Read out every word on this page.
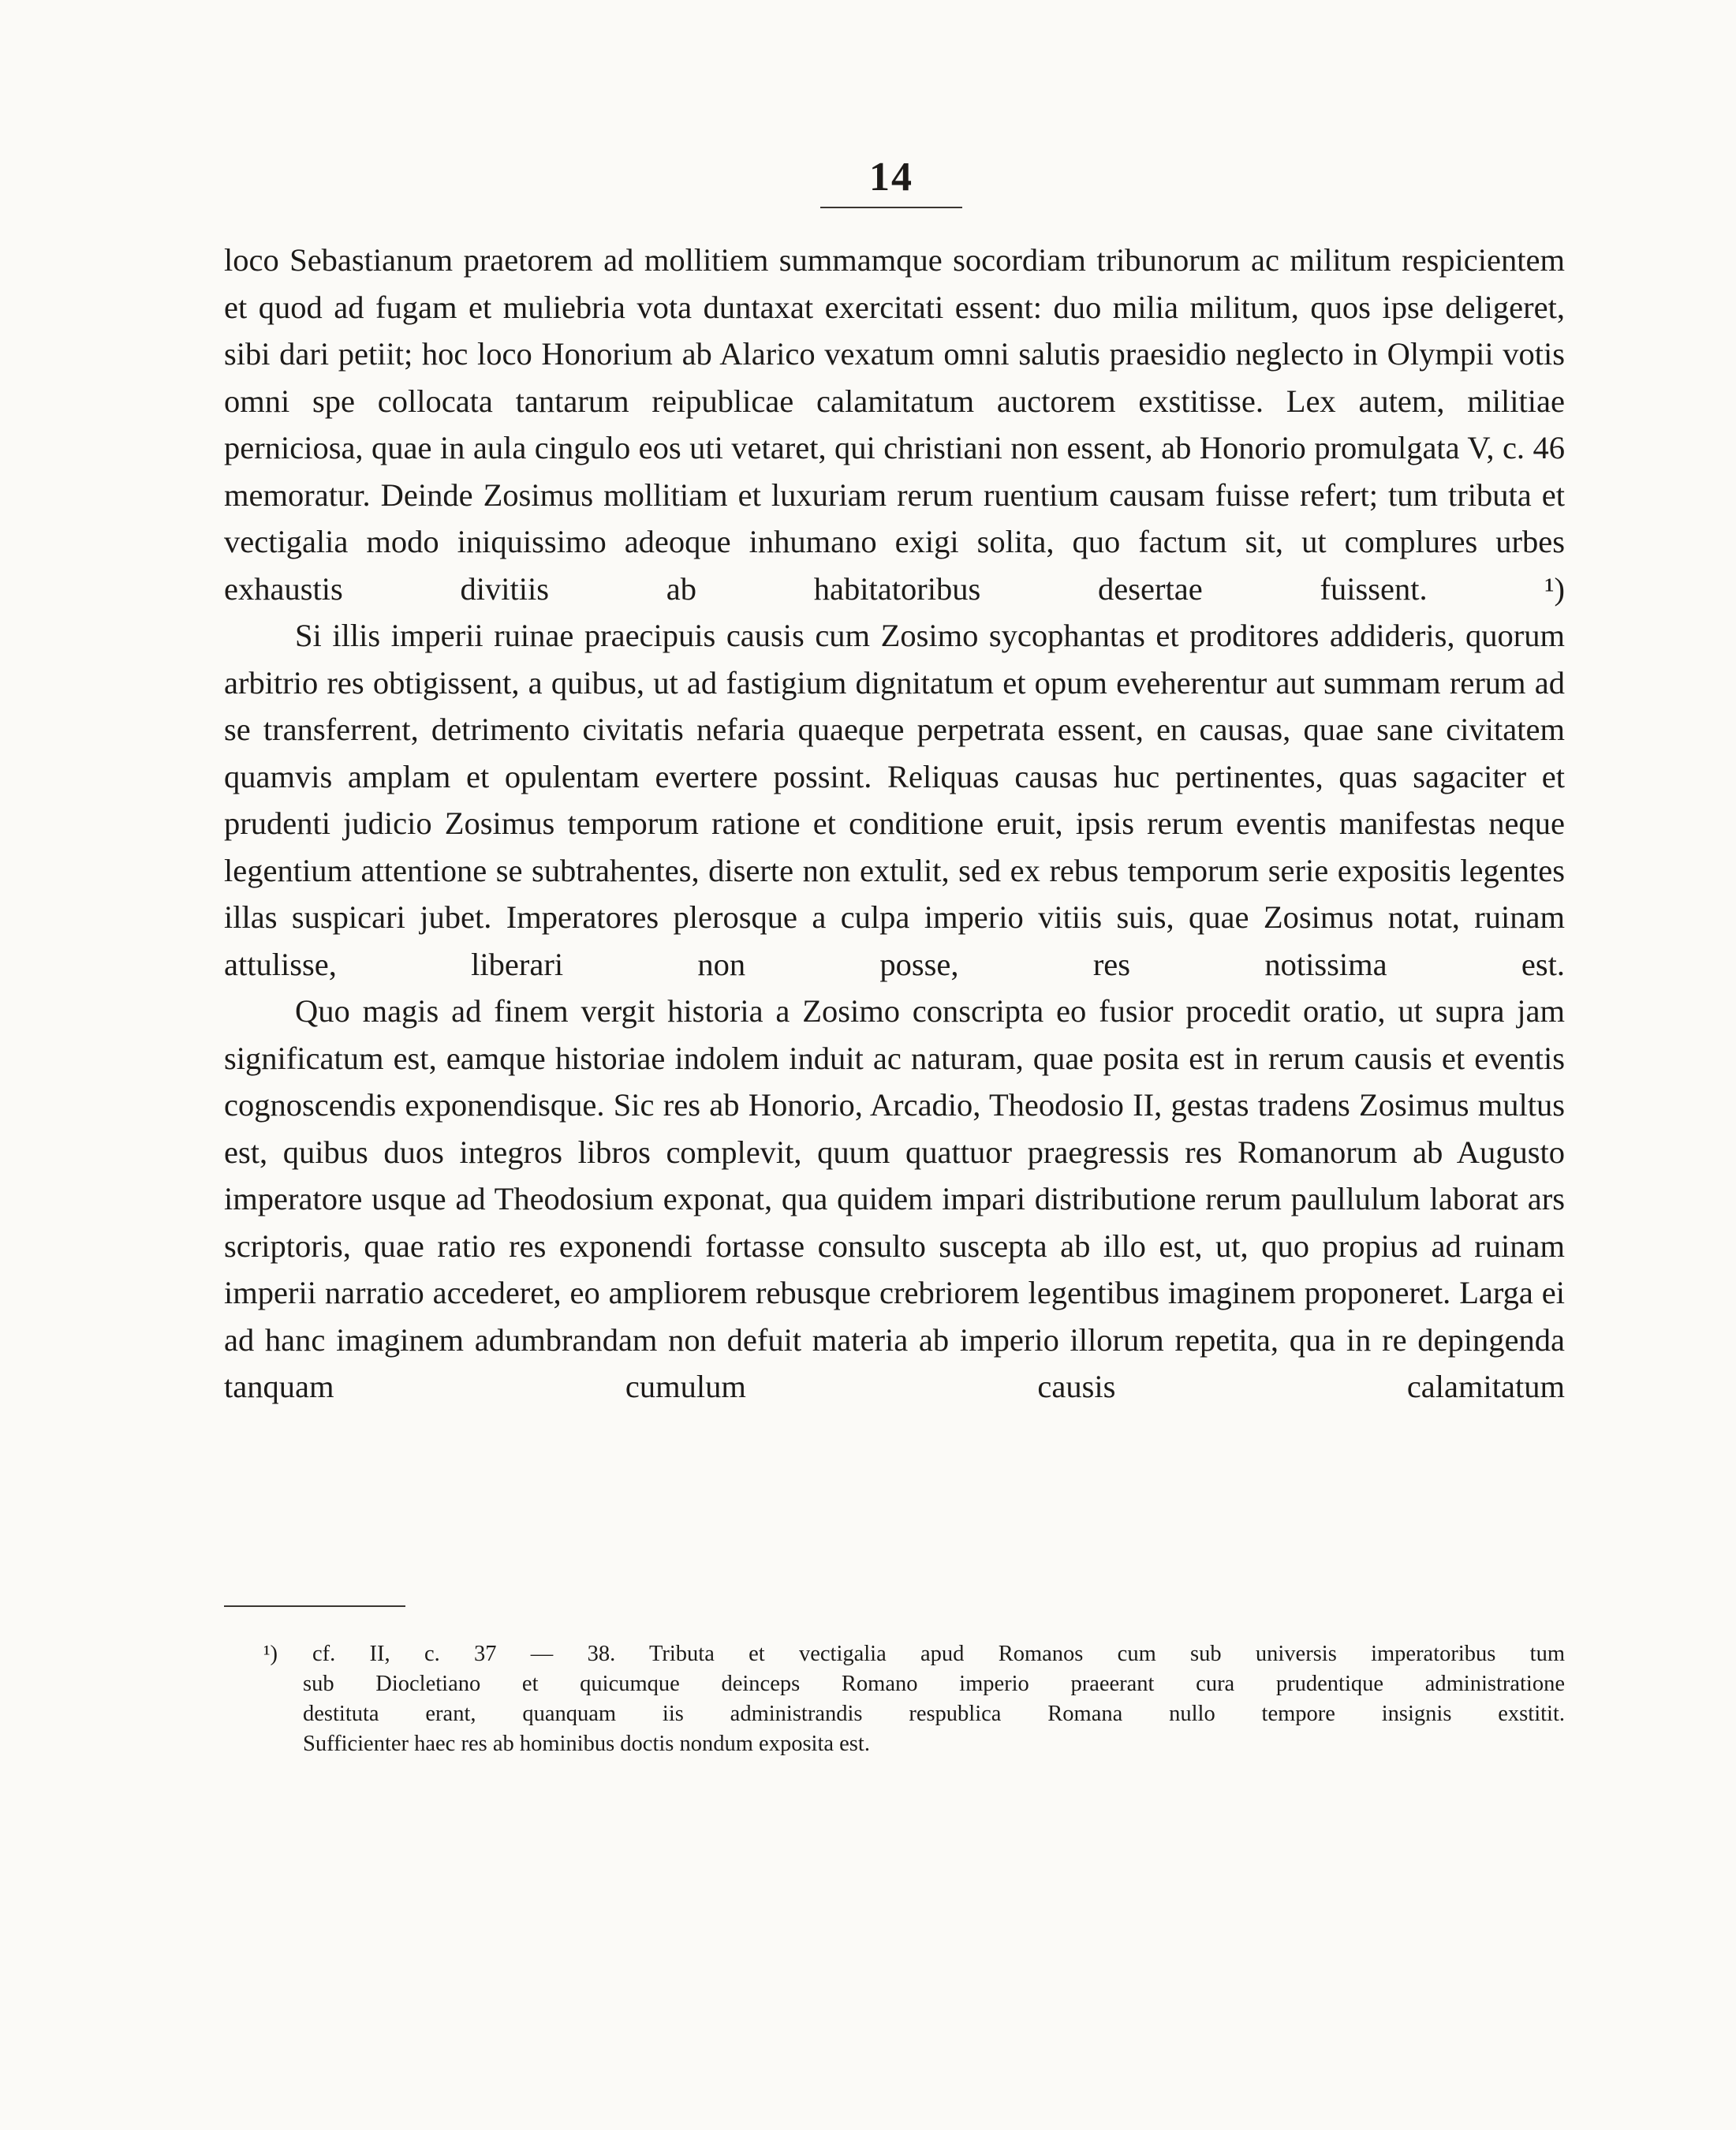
14

loco Sebastianum praetorem ad mollitiem summamque socordiam tribunorum ac militum respicientem et quod ad fugam et muliebria vota duntaxat exercitati essent: duo milia militum, quos ipse deligeret, sibi dari petiit; hoc loco Honorium ab Alarico vexatum omni salutis praesidio neglecto in Olympii votis omni spe collocata tantarum reipublicae calamitatum auctorem exstitisse. Lex autem, militiae perniciosa, quae in aula cingulo eos uti vetaret, qui christiani non essent, ab Honorio promulgata V, c. 46 memoratur. Deinde Zosimus mollitiam et luxuriam rerum ruentium causam fuisse refert; tum tributa et vectigalia modo iniquissimo adeoque inhumano exigi solita, quo factum sit, ut complures urbes exhaustis divitiis ab habitatoribus desertae fuissent. ¹)

Si illis imperii ruinae praecipuis causis cum Zosimo sycophantas et proditores addideris, quorum arbitrio res obtigissent, a quibus, ut ad fastigium dignitatum et opum eveherentur aut summam rerum ad se transferrent, detrimento civitatis nefaria quaeque perpetrata essent, en causas, quae sane civitatem quamvis amplam et opulentam evertere possint. Reliquas causas huc pertinentes, quas sagaciter et prudenti judicio Zosimus temporum ratione et conditione eruit, ipsis rerum eventis manifestas neque legentium attentione se subtrahentes, diserte non extulit, sed ex rebus temporum serie expositis legentes illas suspicari jubet. Imperatores plerosque a culpa imperio vitiis suis, quae Zosimus notat, ruinam attulisse, liberari non posse, res notissima est.

Quo magis ad finem vergit historia a Zosimo conscripta eo fusior procedit oratio, ut supra jam significatum est, eamque historiae indolem induit ac naturam, quae posita est in rerum causis et eventis cognoscendis exponendisque. Sic res ab Honorio, Arcadio, Theodosio II, gestas tradens Zosimus multus est, quibus duos integros libros complevit, quum quattuor praegressis res Romanorum ab Augusto imperatore usque ad Theodosium exponat, qua quidem impari distributione rerum paullulum laborat ars scriptoris, quae ratio res exponendi fortasse consulto suscepta ab illo est, ut, quo propius ad ruinam imperii narratio accederet, eo ampliorem rebusque crebriorem legentibus imaginem proponeret. Larga ei ad hanc imaginem adumbrandam non defuit materia ab imperio illorum repetita, qua in re depingenda tanquam cumulum causis calamitatum

¹) cf. II, c. 37 — 38. Tributa et vectigalia apud Romanos cum sub universis imperatoribus tum
sub Diocletiano et quicumque deinceps Romano imperio praeerant cura prudentique administratione
destituta erant, quanquam iis administrandis respublica Romana nullo tempore insignis exstitit.
Sufficienter haec res ab hominibus doctis nondum exposita est.
